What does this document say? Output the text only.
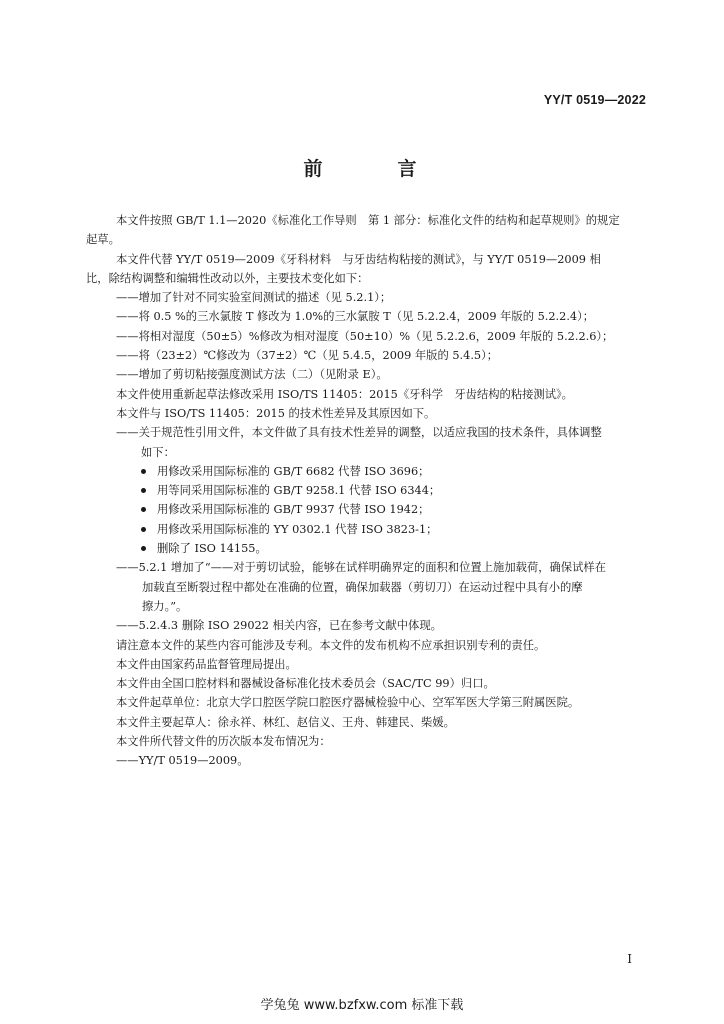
YY/T 0519—2022
前　言
本文件按照 GB/T 1.1—2020《标准化工作导则　第 1 部分：标准化文件的结构和起草规则》的规定
起草。
本文件代替 YY/T 0519—2009《牙科材料　与牙齿结构粘接的测试》，与 YY/T 0519—2009 相
比，除结构调整和编辑性改动以外，主要技术变化如下：
——增加了针对不同实验室间测试的描述（见 5.2.1）；
——将 0.5 %的三水氯胺 T 修改为 1.0%的三水氯胺 T（见 5.2.2.4，2009 年版的 5.2.2.4）；
——将相对湿度（50±5）%修改为相对湿度（50±10）%（见 5.2.2.6，2009 年版的 5.2.2.6）；
——将（23±2）℃修改为（37±2）℃（见 5.4.5，2009 年版的 5.4.5）；
——增加了剪切粘接强度测试方法（二）（见附录 E）。
本文件使用重新起草法修改采用 ISO/TS 11405：2015《牙科学　牙齿结构的粘接测试》。
本文件与 ISO/TS 11405：2015 的技术性差异及其原因如下。
——关于规范性引用文件，本文件做了具有技术性差异的调整，以适应我国的技术条件，具体调整
如下：
用修改采用国际标准的 GB/T 6682 代替 ISO 3696；
用等同采用国际标准的 GB/T 9258.1 代替 ISO 6344；
用修改采用国际标准的 GB/T 9937 代替 ISO 1942；
用修改采用国际标准的 YY 0302.1 代替 ISO 3823-1；
删除了 ISO 14155。
——5.2.1 增加了“——对于剪切试验，能够在试样明确界定的面积和位置上施加载荷，确保试样在
加载直至断裂过程中都处在准确的位置，确保加载器（剪切刀）在运动过程中具有小的摩
擦力。”。
——5.2.4.3 删除 ISO 29022 相关内容，已在参考文献中体现。
请注意本文件的某些内容可能涉及专利。本文件的发布机构不应承担识别专利的责任。
本文件由国家药品监督管理局提出。
本文件由全国口腔材料和器械设备标准化技术委员会（SAC/TC 99）归口。
本文件起草单位：北京大学口腔医学院口腔医疗器械检验中心、空军军医大学第三附属医院。
本文件主要起草人：徐永祥、林红、赵信义、王舟、韩建民、柴媛。
本文件所代替文件的历次版本发布情况为：
——YY/T 0519—2009。
I
学兔兔 www.bzfxw.com 标准下载
